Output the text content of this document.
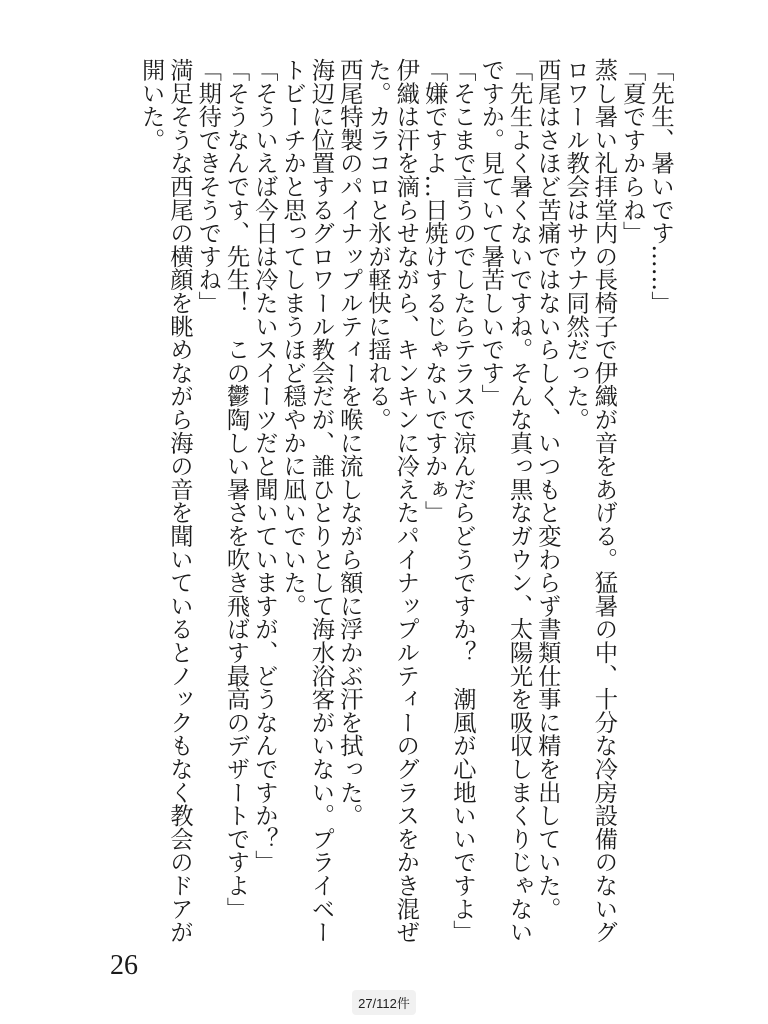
「先生、暑いです……」

「夏ですからね」

蒸し暑い礼拝堂内の長椅子で伊織が音をあげる。猛暑の中、十分な冷房設備のないグロワール教会はサウナ同然だった。

西尾はさほど苦痛ではないらしく、いつもと変わらず書類仕事に精を出していた。

「先生よく暑くないですね。そんな真っ黒なガウン、太陽光を吸収しまくりじゃないですか。見ていて暑苦しいです」

「そこまで言うのでしたらテラスで涼んだらどうですか？　潮風が心地いいですよ」

「嫌ですよ…日焼けするじゃないですかぁ」

伊織は汗を滴らせながら、キンキンに冷えたパイナップルティーのグラスをかき混ぜた。カラコロと氷が軽快に揺れる。

西尾特製のパイナップルティーを喉に流しながら額に浮かぶ汗を拭った。

海辺に位置するグロワール教会だが、誰ひとりとして海水浴客がいない。プライベートビーチかと思ってしまうほど穏やかに凪いでいた。

「そういえば今日は冷たいスイーツだと聞いていますが、どうなんですか？」

「そうなんです、先生！　この鬱陶しい暑さを吹き飛ばす最高のデザートですよ」

「期待できそうですね」

満足そうな西尾の横顔を眺めながら海の音を聞いているとノックもなく教会のドアが開いた。

26
27/112件
